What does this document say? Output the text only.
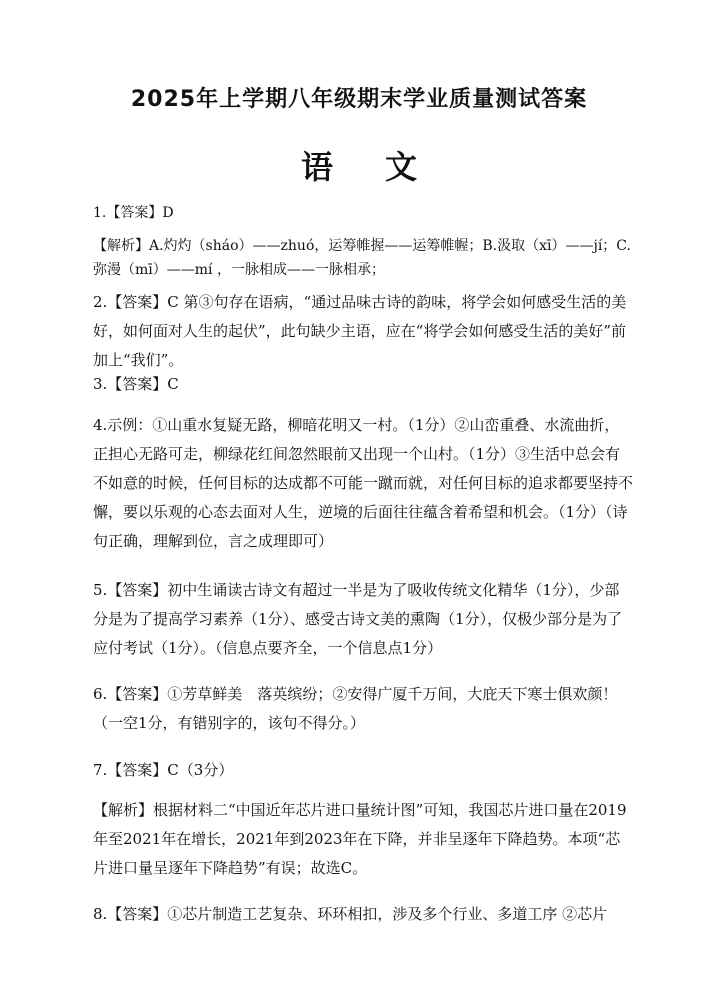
2025年上学期八年级期末学业质量测试答案
语 文

1.【答案】D

【解析】A.灼灼（sháo）——zhuó，运筹帷握——运筹帷幄；B.汲取（xī）——jí；C.弥漫（mī）——mí ，一脉相成——一脉相承；

2.【答案】C 第③句存在语病，“通过品味古诗的韵味，将学会如何感受生活的美好，如何面对人生的起伏”，此句缺少主语，应在“将学会如何感受生活的美好”前加上“我们”。

3.【答案】C

4.示例：①山重水复疑无路，柳暗花明又一村。（1分）②山峦重叠、水流曲折，正担心无路可走，柳绿花红间忽然眼前又出现一个山村。（1分）③生活中总会有不如意的时候，任何目标的达成都不可能一蹴而就，对任何目标的追求都要坚持不懈，要以乐观的心态去面对人生，逆境的后面往往蕴含着希望和机会。（1分）（诗句正确，理解到位，言之成理即可）

5.【答案】初中生诵读古诗文有超过一半是为了吸收传统文化精华（1分），少部分是为了提高学习素养（1分）、感受古诗文美的熏陶（1分），仅极少部分是为了应付考试（1分）。（信息点要齐全，一个信息点1分）

6.【答案】①芳草鲜美　落英缤纷；②安得广厦千万间，大庇天下寒士俱欢颜！（一空1分，有错别字的，该句不得分。）

7.【答案】C（3分）

【解析】根据材料二“中国近年芯片进口量统计图”可知，我国芯片进口量在2019年至2021年在增长，2021年到2023年在下降，并非呈逐年下降趋势。本项“芯片进口量呈逐年下降趋势”有误；故选C。

8.【答案】①芯片制造工艺复杂、环环相扣，涉及多个行业、多道工序 ②芯片
